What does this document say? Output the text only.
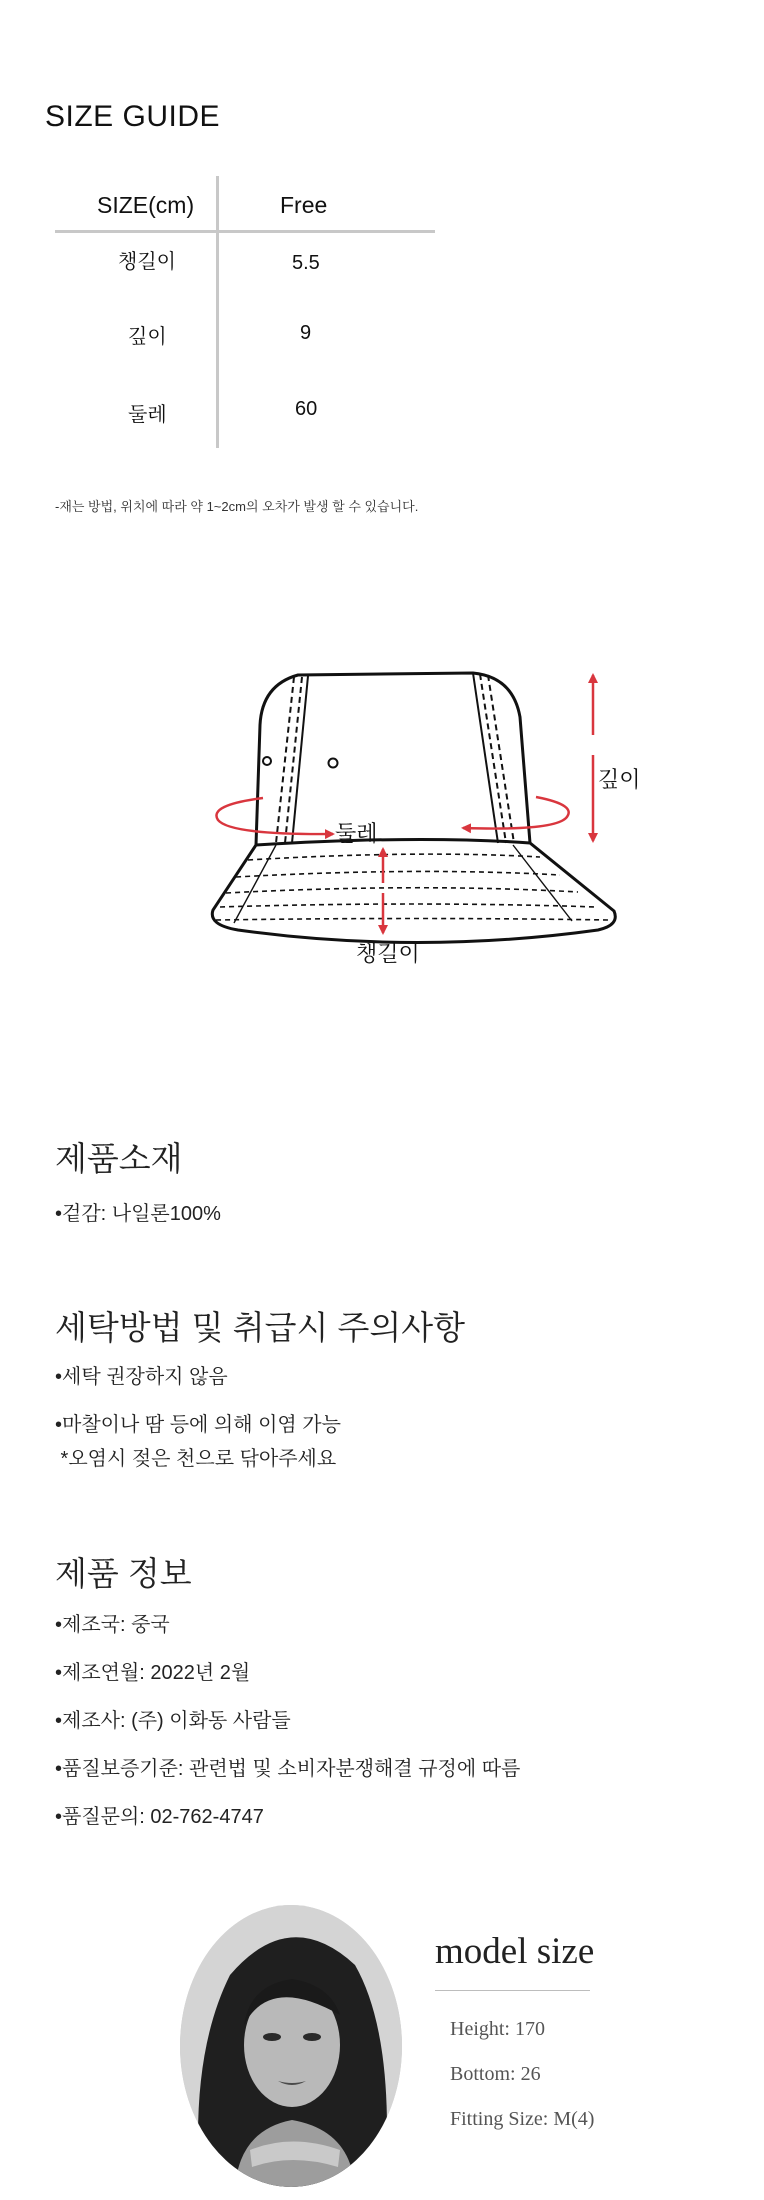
SIZE GUIDE
SIZE(cm)	Free
챙길이	5.5
깊이	9
둘레	60
-재는 방법, 위치에 따라 약 1~2cm의 오차가 발생 할 수 있습니다.
깊이
둘레
챙길이
제품소재
•겉감: 나일론100%
세탁방법 및 취급시 주의사항
•세탁 권장하지 않음
•마찰이나 땀 등에 의해 이염 가능
*오염시 젖은 천으로 닦아주세요
제품 정보
•제조국: 중국
•제조연월: 2022년 2월
•제조사: (주) 이화동 사람들
•품질보증기준: 관련법 및 소비자분쟁해결 규정에 따름
•품질문의: 02-762-4747
model size
Height: 170
Bottom: 26
Fitting Size: M(4)
